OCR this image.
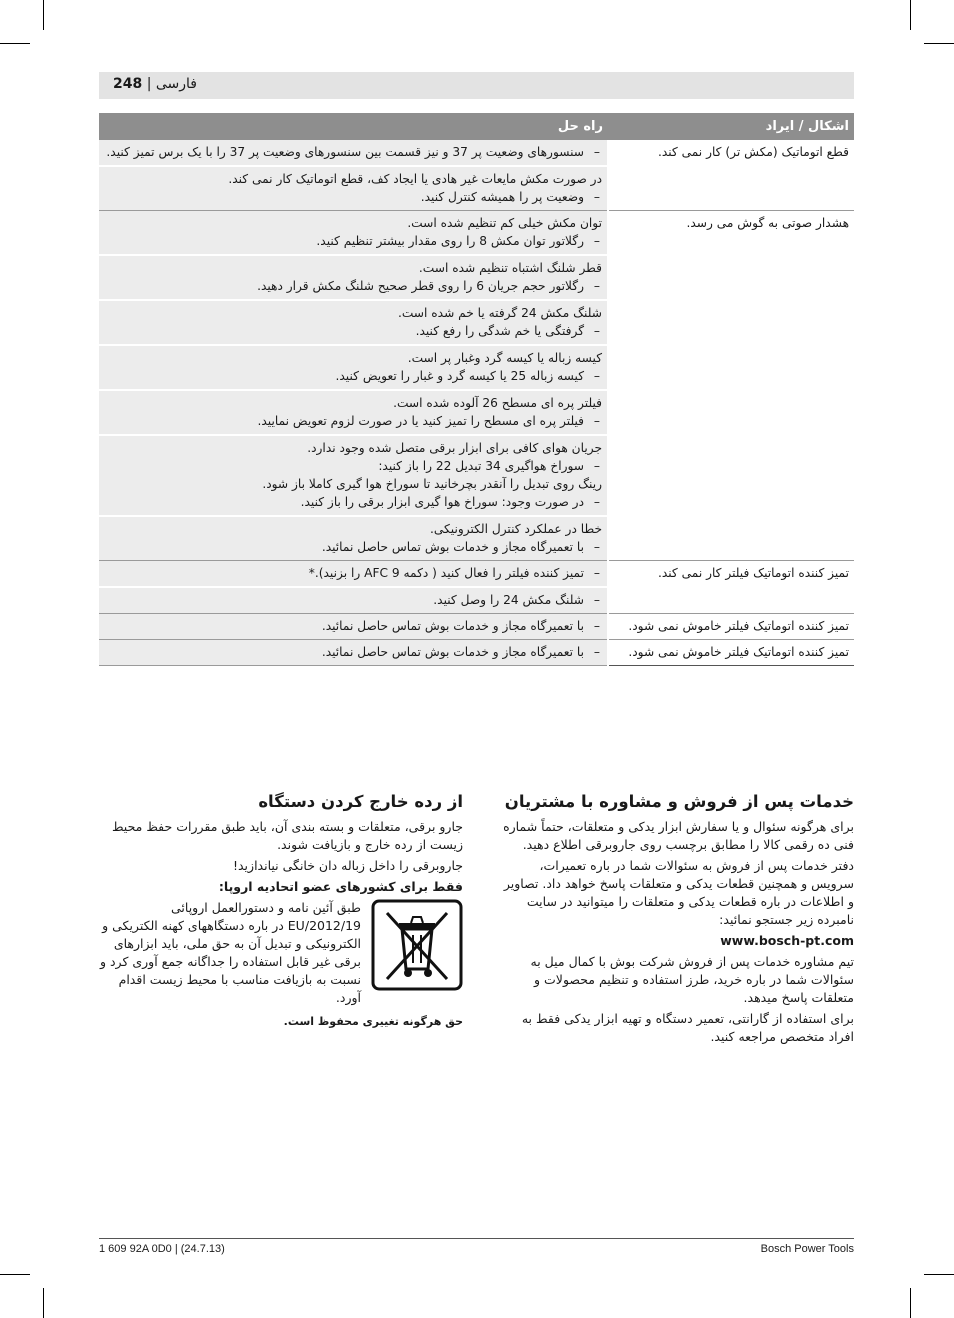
248 | فارسی
اشکال / ایراد	راه حل
قطع اتوماتیک (مکش تر) کار نمی کند.	– سنسورهای وضعیت پر 37 و نیز قسمت بین سنسورهای وضعیت پر 37 را با یک برس تمیز کنید.

	در صورت مکش مایعات غیر هادی یا ایجاد کف، قطع اتوماتیک کار نمی کند.
– وضعیت پر را همیشه کنترل کنید.

هشدار صوتی به گوش می رسد.	توان مکش خیلی کم تنظیم شده است.
– رگلاتور توان مکش 8 را روی مقدار بیشتر تنظیم کنید.

	قطر شلنگ اشتباه تنظیم شده است.
– رگلاتور حجم جریان 6 را روی قطر صحیح شلنگ مکش قرار دهید.

	شلنگ مکش 24 گرفته یا خم شده است.
– گرفتگی یا خم شدگی را رفع کنید.

	کیسه زباله یا کیسه گرد وغبار پر است.
– کیسه زباله 25 یا کیسه گرد و غبار را تعویض کنید.

	فیلتر پره ای مسطح 26 آلوده شده است.
– فیلتر پره ای مسطح را تمیز کنید یا در صورت لزوم تعویض نمایید.

	جریان هوای کافی برای ابزار برقی متصل شده وجود ندارد.
– سوراخ هواگیری 34 تبدیل 22 را باز کنید:
رینگ روی تبدیل را آنقدر بچرخانید تا سوراخ هوا گیری کاملا باز شود.
– در صورت وجود: سوراخ هوا گیری ابزار برقی را باز کنید.

	خطا در عملکرد کنترل الکترونیکی.
– با تعمیرگاه مجاز و خدمات بوش تماس حاصل نمائید.

تمیز کننده اتوماتیک فیلتر کار نمی کند.	– تمیز کننده فیلتر را فعال کنید ( دکمه 9 AFC را بزنید).*

	– شلنگ مکش 24 را وصل کنید.

تمیز کننده اتوماتیک فیلتر خاموش نمی شود.	– با تعمیرگاه مجاز و خدمات بوش تماس حاصل نمائید.

تمیز کننده اتوماتیک فیلتر خاموش نمی شود.	– با تعمیرگاه مجاز و خدمات بوش تماس حاصل نمائید.
خدمات پس از فروش و مشاوره با مشتریان

برای هرگونه سئوال و یا سفارش ابزار یدکی و متعلقات، حتماً شماره فنی ده رقمی کالا را مطابق برچسب روی جاروبرقی اطلاع دهید.

دفتر خدمات پس از فروش به سئوالات شما در باره تعمیرات، سرویس و همچنین قطعات یدکی و متعلقات پاسخ خواهد داد. تصاویر و اطلاعات در باره قطعات یدکی و متعلقات را میتوانید در سایت نامبرده زیر جستجو نمائید:

www.bosch-pt.com

تیم مشاوره خدمات پس از فروش شرکت بوش با کمال میل به سئوالات شما در باره خرید، طرز استفاده و تنظیم محصولات و متعلقات پاسخ میدهد.

برای استفاده از گارانتی، تعمیر دستگاه و تهیه ابزار یدکی فقط به افراد متخصص مراجعه کنید.

از رده خارج کردن دستگاه

جارو برقی، متعلقات و بسته بندی آن، باید طبق مقررات حفظ محیط زیست از رده خارج و بازیافت شوند.

جاروبرقی را داخل زباله دان خانگی نیاندازید!

فقط برای کشورهای عضو اتحادیه اروپا:

طبق آئین نامه و دستورالعمل اروپائی 2012/19/EU در باره دستگاههای کهنه الکتریکی و الکترونیکی و تبدیل آن به حق ملی، باید ابزارهای برقی غیر قابل استفاده را جداگانه جمع آوری کرد و نسبت به بازیافت مناسب با محیط زیست اقدام آورد.

حق هرگونه تغییری محفوظ است.

1 609 92A 0D0 | (24.7.13)	Bosch Power Tools
